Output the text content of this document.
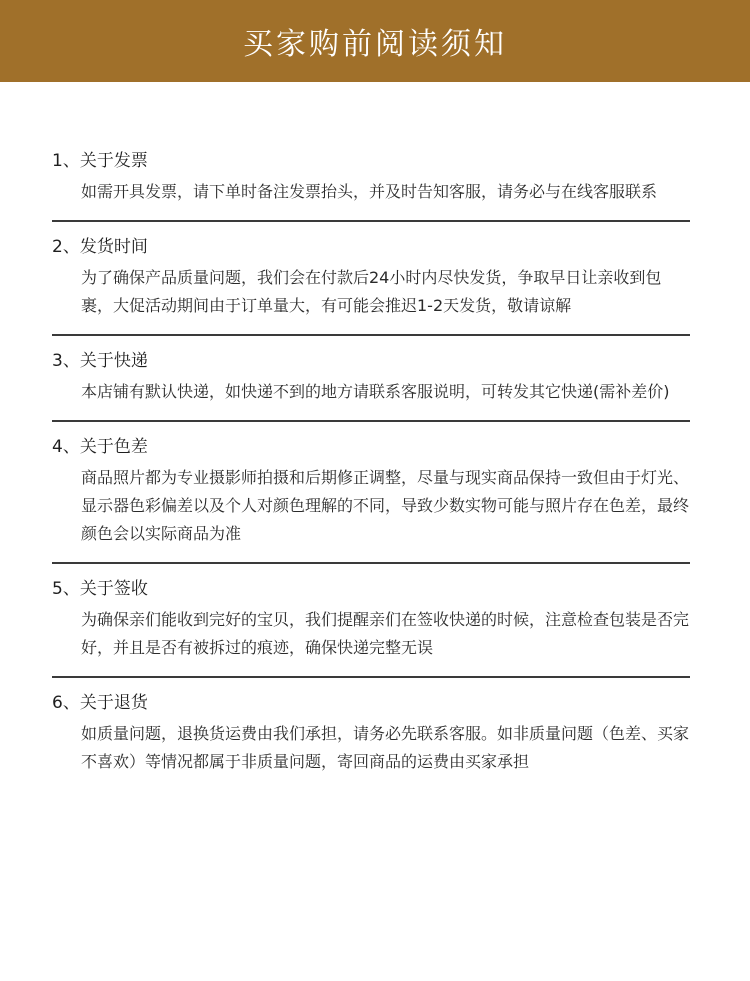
买家购前阅读须知
1、关于发票
如需开具发票，请下单时备注发票抬头，并及时告知客服，请务必与在线客服联系
2、发货时间
为了确保产品质量问题，我们会在付款后24小时内尽快发货，争取早日让亲收到包裹，大促活动期间由于订单量大，有可能会推迟1-2天发货，敬请谅解
3、关于快递
本店铺有默认快递，如快递不到的地方请联系客服说明，可转发其它快递(需补差价)
4、关于色差
商品照片都为专业摄影师拍摄和后期修正调整，尽量与现实商品保持一致但由于灯光、显示器色彩偏差以及个人对颜色理解的不同，导致少数实物可能与照片存在色差，最终颜色会以实际商品为准
5、关于签收
为确保亲们能收到完好的宝贝，我们提醒亲们在签收快递的时候，注意检查包装是否完好，并且是否有被拆过的痕迹，确保快递完整无误
6、关于退货
如质量问题，退换货运费由我们承担，请务必先联系客服。如非质量问题（色差、买家不喜欢）等情况都属于非质量问题，寄回商品的运费由买家承担
